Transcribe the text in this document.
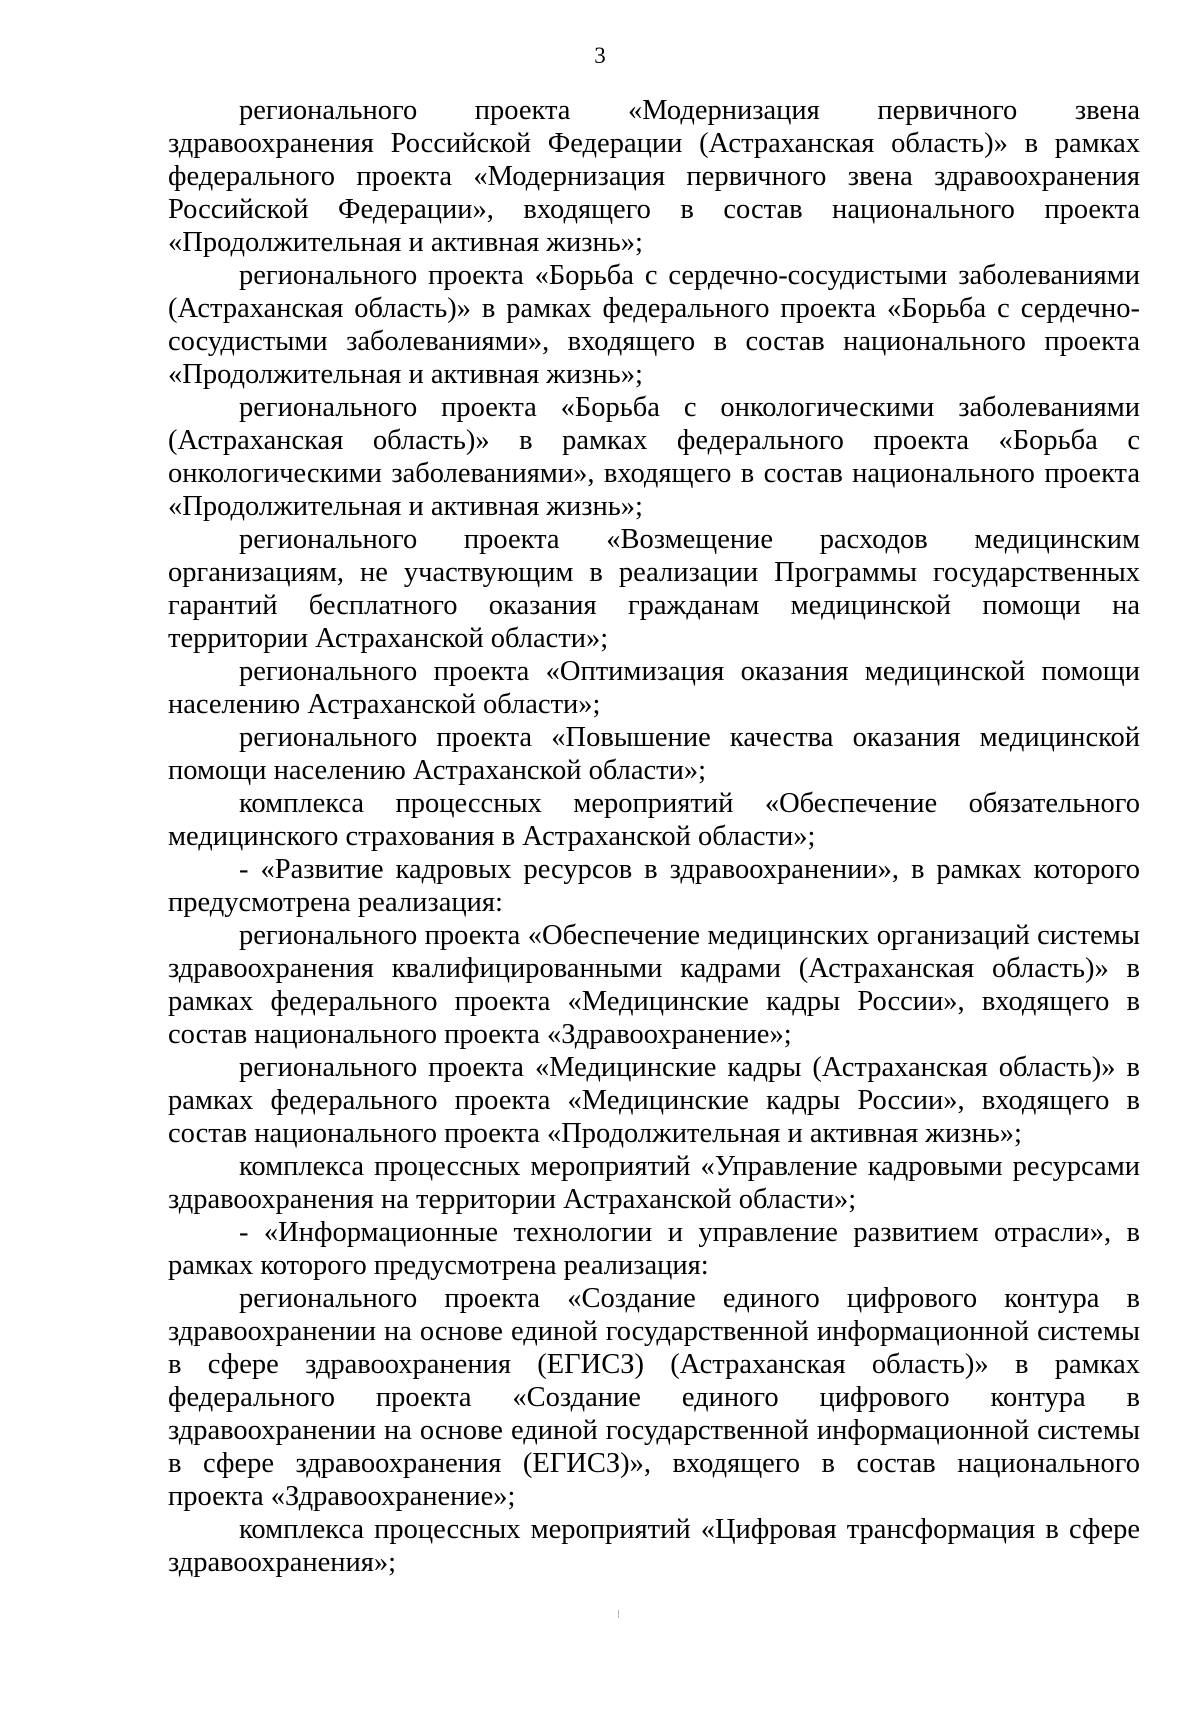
3

регионального проекта «Модернизация первичного звена здравоохранения Российской Федерации (Астраханская область)» в рамках федерального проекта «Модернизация первичного звена здравоохранения Российской Федерации», входящего в состав национального проекта «Продолжительная и активная жизнь»;

регионального проекта «Борьба с сердечно-сосудистыми заболеваниями (Астраханская область)» в рамках федерального проекта «Борьба с сердечно-сосудистыми заболеваниями», входящего в состав национального проекта «Продолжительная и активная жизнь»;

регионального проекта «Борьба с онкологическими заболеваниями (Астраханская область)» в рамках федерального проекта «Борьба с онкологическими заболеваниями», входящего в состав национального проекта «Продолжительная и активная жизнь»;

регионального проекта «Возмещение расходов медицинским организациям, не участвующим в реализации Программы государственных гарантий бесплатного оказания гражданам медицинской помощи на территории Астраханской области»;

регионального проекта «Оптимизация оказания медицинской помощи населению Астраханской области»;

регионального проекта «Повышение качества оказания медицинской помощи населению Астраханской области»;

комплекса процессных мероприятий «Обеспечение обязательного медицинского страхования в Астраханской области»;

- «Развитие кадровых ресурсов в здравоохранении», в рамках которого предусмотрена реализация:

регионального проекта «Обеспечение медицинских организаций системы здравоохранения квалифицированными кадрами (Астраханская область)» в рамках федерального проекта «Медицинские кадры России», входящего в состав национального проекта «Здравоохранение»;

регионального проекта «Медицинские кадры (Астраханская область)» в рамках федерального проекта «Медицинские кадры России», входящего в состав национального проекта «Продолжительная и активная жизнь»;

комплекса процессных мероприятий «Управление кадровыми ресурсами здравоохранения на территории Астраханской области»;

- «Информационные технологии и управление развитием отрасли», в рамках которого предусмотрена реализация:

регионального проекта «Создание единого цифрового контура в здравоохранении на основе единой государственной информационной системы в сфере здравоохранения (ЕГИСЗ) (Астраханская область)» в рамках федерального проекта «Создание единого цифрового контура в здравоохранении на основе единой государственной информационной системы в сфере здравоохранения (ЕГИСЗ)», входящего в состав национального проекта «Здравоохранение»;

комплекса процессных мероприятий «Цифровая трансформация в сфере здравоохранения»;
